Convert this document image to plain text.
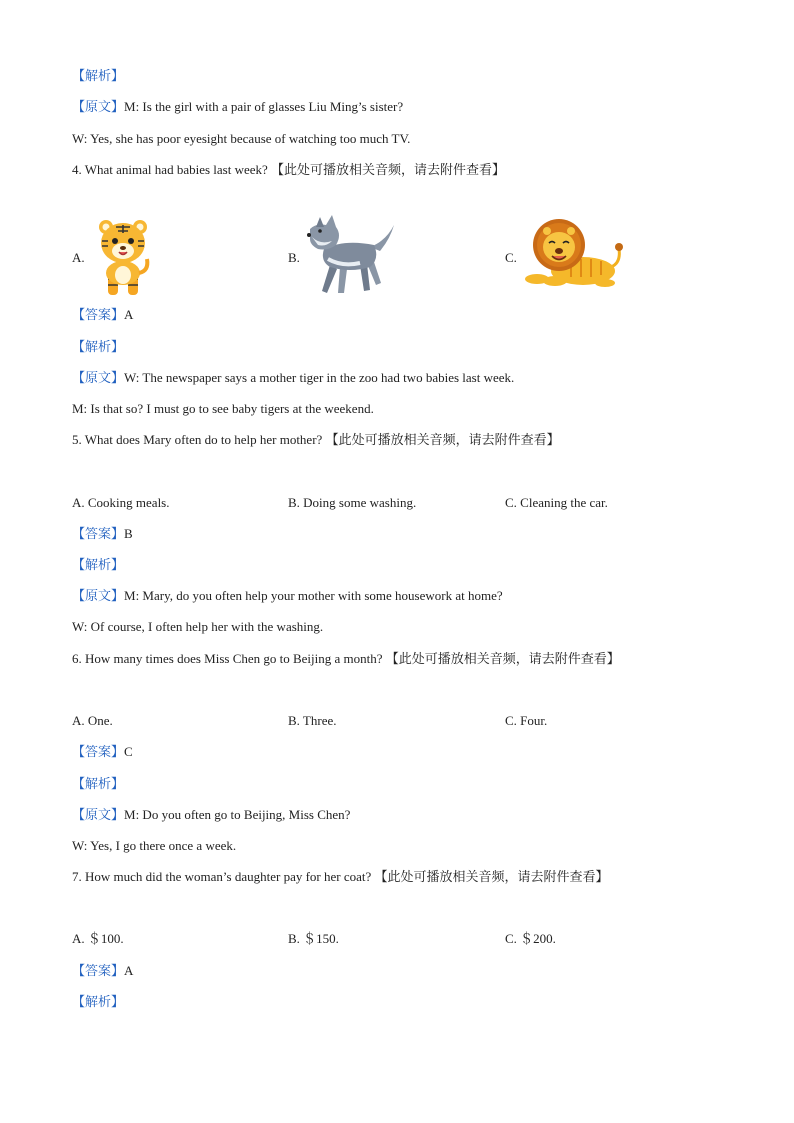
【解析】
【原文】M: Is the girl with a pair of glasses Liu Ming’s sister?
W: Yes, she has poor eyesight because of watching too much TV.
4. What animal had babies last week? 【此处可播放相关音频，请去附件查看】
A.	B.	C.
【答案】A
【解析】
【原文】W: The newspaper says a mother tiger in the zoo had two babies last week.
M: Is that so? I must go to see baby tigers at the weekend.
5. What does Mary often do to help her mother? 【此处可播放相关音频，请去附件查看】
A. Cooking meals.	B. Doing some washing.	C. Cleaning the car.
【答案】B
【解析】
【原文】M: Mary, do you often help your mother with some housework at home?
W: Of course, I often help her with the washing.
6. How many times does Miss Chen go to Beijing a month? 【此处可播放相关音频，请去附件查看】
A. One.	B. Three.	C. Four.
【答案】C
【解析】
【原文】M: Do you often go to Beijing, Miss Chen?
W: Yes, I go there once a week.
7. How much did the woman’s daughter pay for her coat? 【此处可播放相关音频，请去附件查看】
A. ＄100.	B. ＄150.	C. ＄200.
【答案】A
【解析】
